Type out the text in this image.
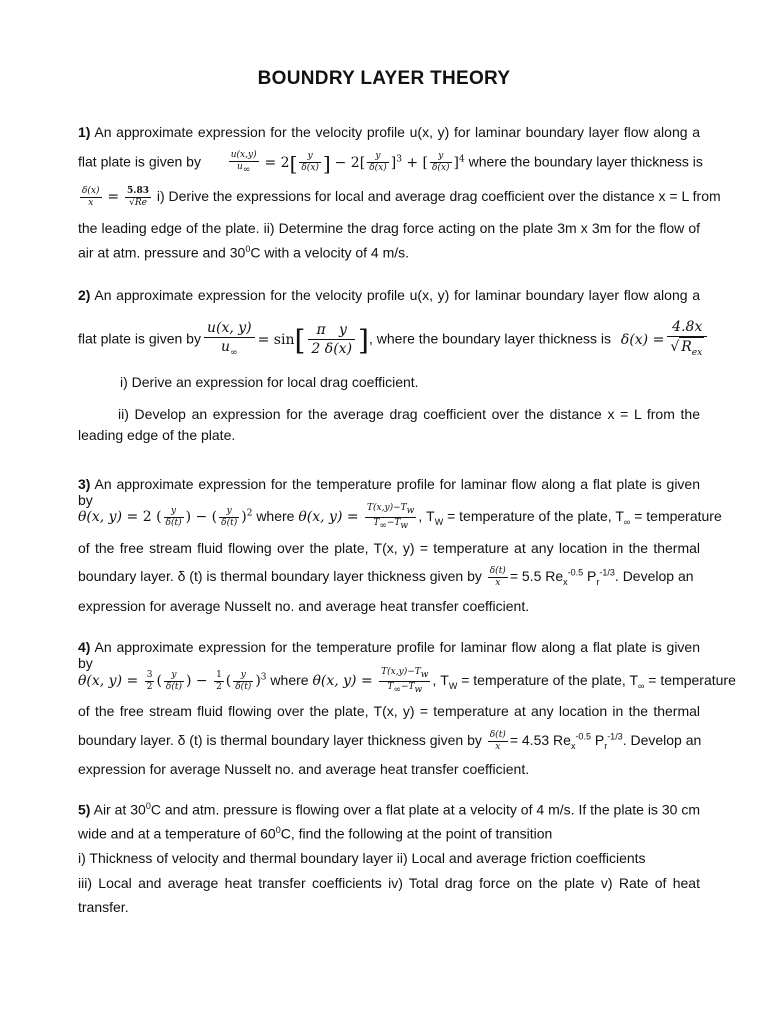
BOUNDRY LAYER THEORY
1) An approximate expression for the velocity profile u(x, y) for laminar boundary layer flow along a
flat plate is given by	$\frac{u(x,y)}{u_\infty} = 2[ \frac{y}{\delta(x)}$ ] − $2[ \frac{y}{\delta(x)} ]^3$ + [ $\frac{y}{\delta(x)} ]^4$ where the boundary layer thickness is
$\frac{\delta(x)}{x} = \frac{5.83}{√Re} i$) Derive the expressions for local and average drag coefficient over the distance x = L from
the leading edge of the plate. ii) Determine the drag force acting on the plate 3m x 3m for the flow of
air at atm. pressure and $30^0C$ with a velocity of 4 m/s.
2) An approximate expression for the velocity profile u(x, y) for laminar boundary layer flow along a
flat plate is given by $\frac{u(x, y)}{u_\infty} = \sin[ \frac{\text{π   y}}{2 \delta(x)}$ ], where the boundary layer thickness is δ(x) =
4.8x
√ $R_{ex}$
i) Derive an expression for local drag coefficient.
ii) Develop an expression for the average drag coefficient over the distance x = L from the
leading edge of the plate.
3) An approximate expression for the temperature profile for laminar flow along a flat plate is given by
θ(x, y) = 2 ( $\frac{y}{\delta(t)}$ ) − ( $\frac{y}{\delta(t)} )^2$ where θ(x, $y) = \frac{T(x,y)-T_w}{T_\infty-T_w}$ , $T_W$ = temperature of the plate, $T_\infty$ = temperature
of the free stream fluid flowing over the plate, T(x, y) = temperature at any location in the thermal
boundary layer. δ (t) is thermal boundary layer thickness given by $\frac{\delta(t)}{x} = 5.5$ $Re_x^{-0.5}$ $P_r^{-1/3}$. Develop an
expression for average Nusselt no. and average heat transfer coefficient.
4) An approximate expression for the temperature profile for laminar flow along a flat plate is given by
θ(x, $y) = \frac{3}{2}$ ( $\frac{y}{\delta(t)}$ ) − $\frac{1}{2}$ ( $\frac{y}{\delta(t)} )^3$ where θ(x, $y) = \frac{T(x,y)-T_w}{T_\infty-T_w}$ , $T_W$ = temperature of the plate, $T_\infty$ = temperature
of the free stream fluid flowing over the plate, T(x, y) = temperature at any location in the thermal
boundary layer. δ (t) is thermal boundary layer thickness given by $\frac{\delta(t)}{x} = 4.53$ $Re_x^{-0.5}$ $P_r^{-1/3}$. Develop an
expression for average Nusselt no. and average heat transfer coefficient.
5) Air at $30^0C$ and atm. pressure is flowing over a flat plate at a velocity of 4 m/s. If the plate is 30 cm
wide and at a temperature of $60^0C$, find the following at the point of transition
i) Thickness of velocity and thermal boundary layer ii) Local and average friction coefficients
iii) Local and average heat transfer coefficients iv) Total drag force on the plate v) Rate of heat
transfer.
